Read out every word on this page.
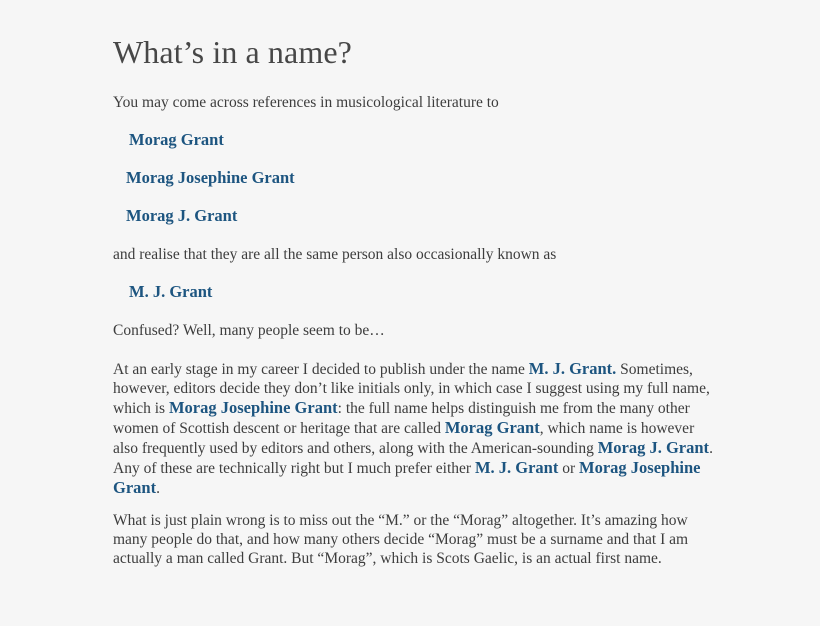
What’s in a name?

You may come across references in musicological literature to

Morag Grant

Morag Josephine Grant

Morag J. Grant

and realise that they are all the same person also occasionally known as

M. J. Grant

Confused? Well, many people seem to be…

At an early stage in my career I decided to publish under the name M. J. Grant. Sometimes, however, editors decide they don’t like initials only, in which case I suggest using my full name, which is Morag Josephine Grant: the full name helps distinguish me from the many other women of Scottish descent or heritage that are called Morag Grant, which name is however also frequently used by editors and others, along with the American-sounding Morag J. Grant. Any of these are technically right but I much prefer either M. J. Grant or Morag Josephine Grant.

What is just plain wrong is to miss out the “M.” or the “Morag” altogether. It’s amazing how many people do that, and how many others decide “Morag” must be a surname and that I am actually a man called Grant. But “Morag”, which is Scots Gaelic, is an actual first name.
